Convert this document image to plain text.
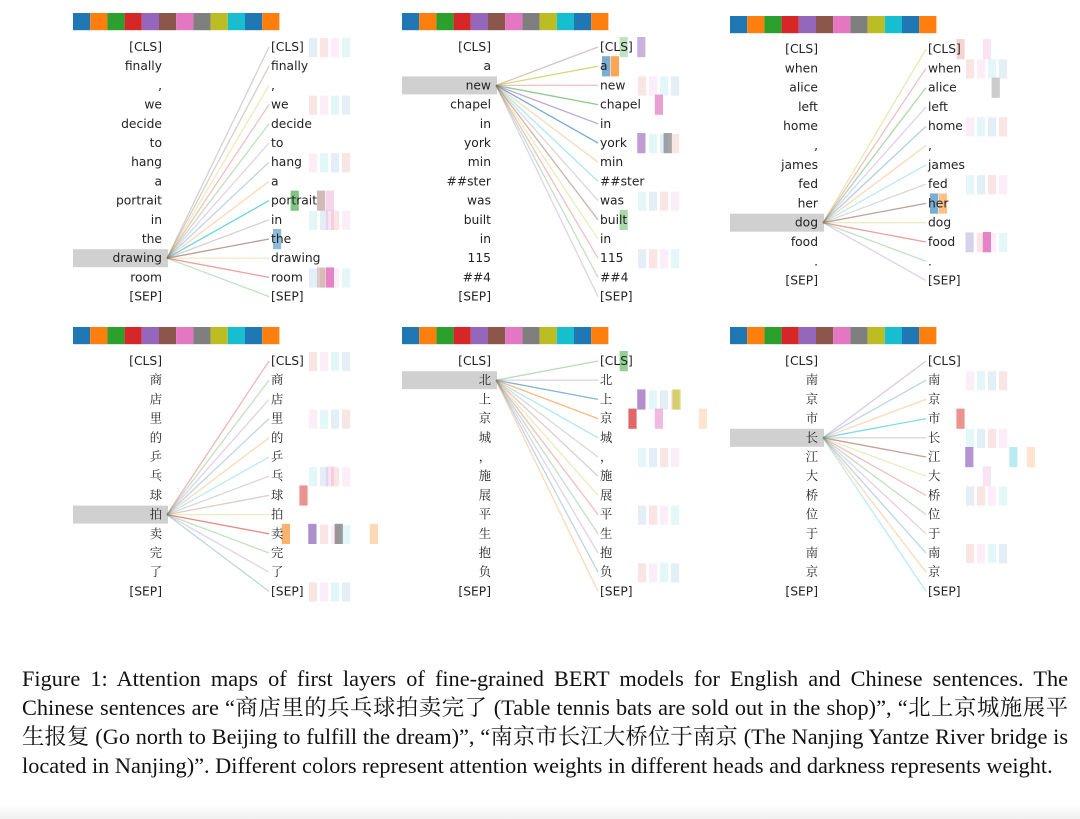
[CLS]	[CLS]
finally	finally
,	,
we	we
decide	decide
to	to
hang	hang
a	a
portrait	portrait
in	in
the	the
drawing	drawing
room	room
[SEP]	[SEP]
[CLS]	[CLS]
a	a
new	new
chapel	chapel
in	in
york	york
min	min
##ster	##ster
was	was
built	built
in	in
115	115
##4	##4
[SEP]	[SEP]
[CLS]	[CLS]
when	when
alice	alice
left	left
home	home
,	,
james	james
fed	fed
her	her
dog	dog
food	food
.	.
[SEP]	[SEP]
[CLS]	[CLS]
商	商
店	店
里	里
的	的
乒	乒
乓	乓
球	球
拍	拍
卖	卖
完	完
了	了
[SEP]	[SEP]
[CLS]	[CLS]
北	北
上	上
京	京
城	城
，	，
施	施
展	展
平	平
生	生
抱	抱
负	负
[SEP]	[SEP]
[CLS]	[CLS]
南	南
京	京
市	市
长	长
江	江
大	大
桥	桥
位	位
于	于
南	南
京	京
[SEP]	[SEP]
Figure 1: Attention maps of first layers of fine-grained BERT models for English and Chinese sentences. The Chinese sentences are “商店里的兵乓球拍卖完了 (Table tennis bats are sold out in the shop)”, “北上京城施展平生报复 (Go north to Beijing to fulfill the dream)”, “南京市长江大桥位于南京 (The Nanjing Yantze River bridge is located in Nanjing)”. Different colors represent attention weights in different heads and darkness represents weight.
